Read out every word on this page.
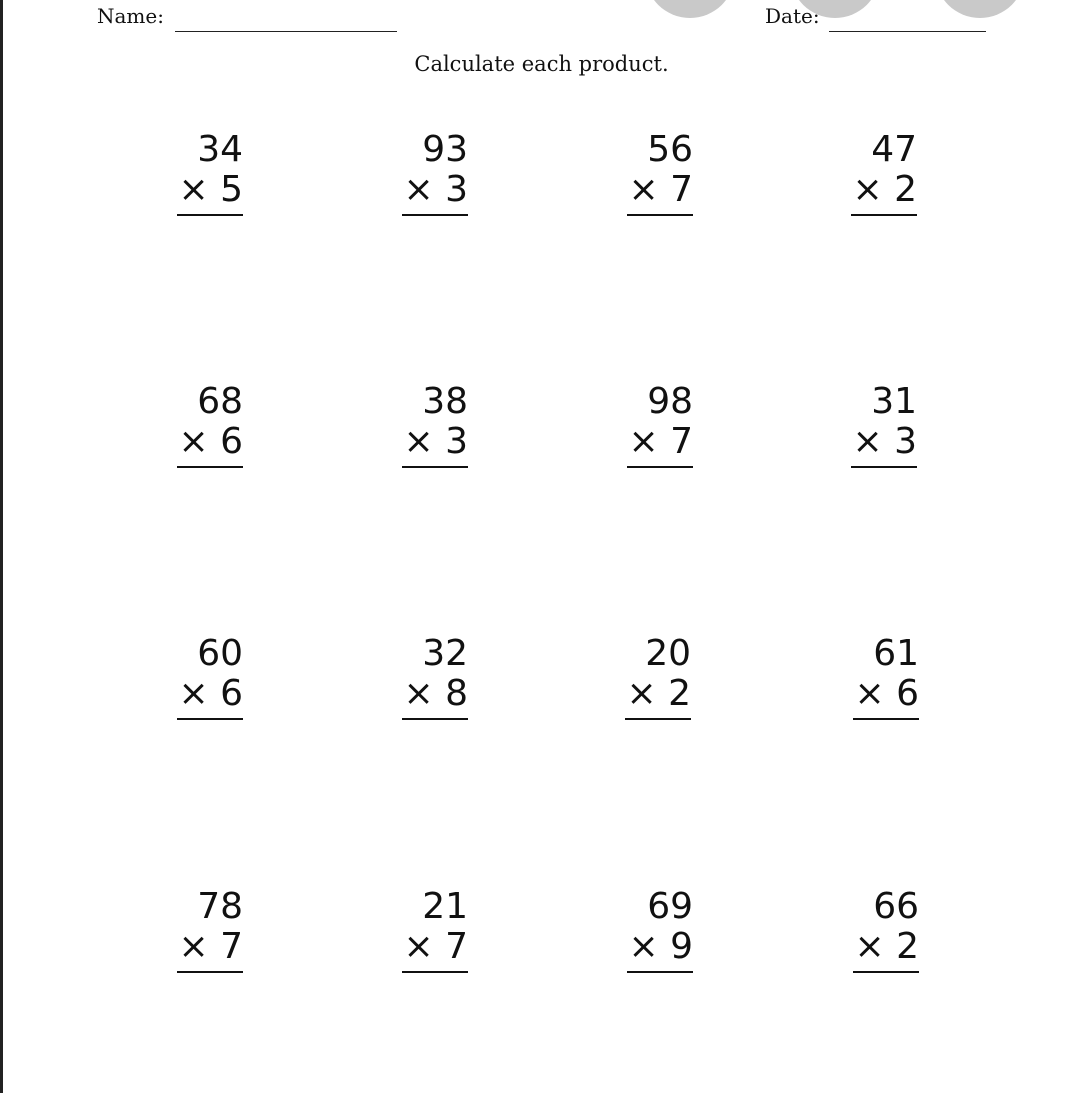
Name:	Date:
Calculate each product.
34
× 5
93
× 3
56
× 7
47
× 2
68
× 6
38
× 3
98
× 7
31
× 3
60
× 6
32
× 8
20
× 2
61
× 6
78
× 7
21
× 7
69
× 9
66
× 2
